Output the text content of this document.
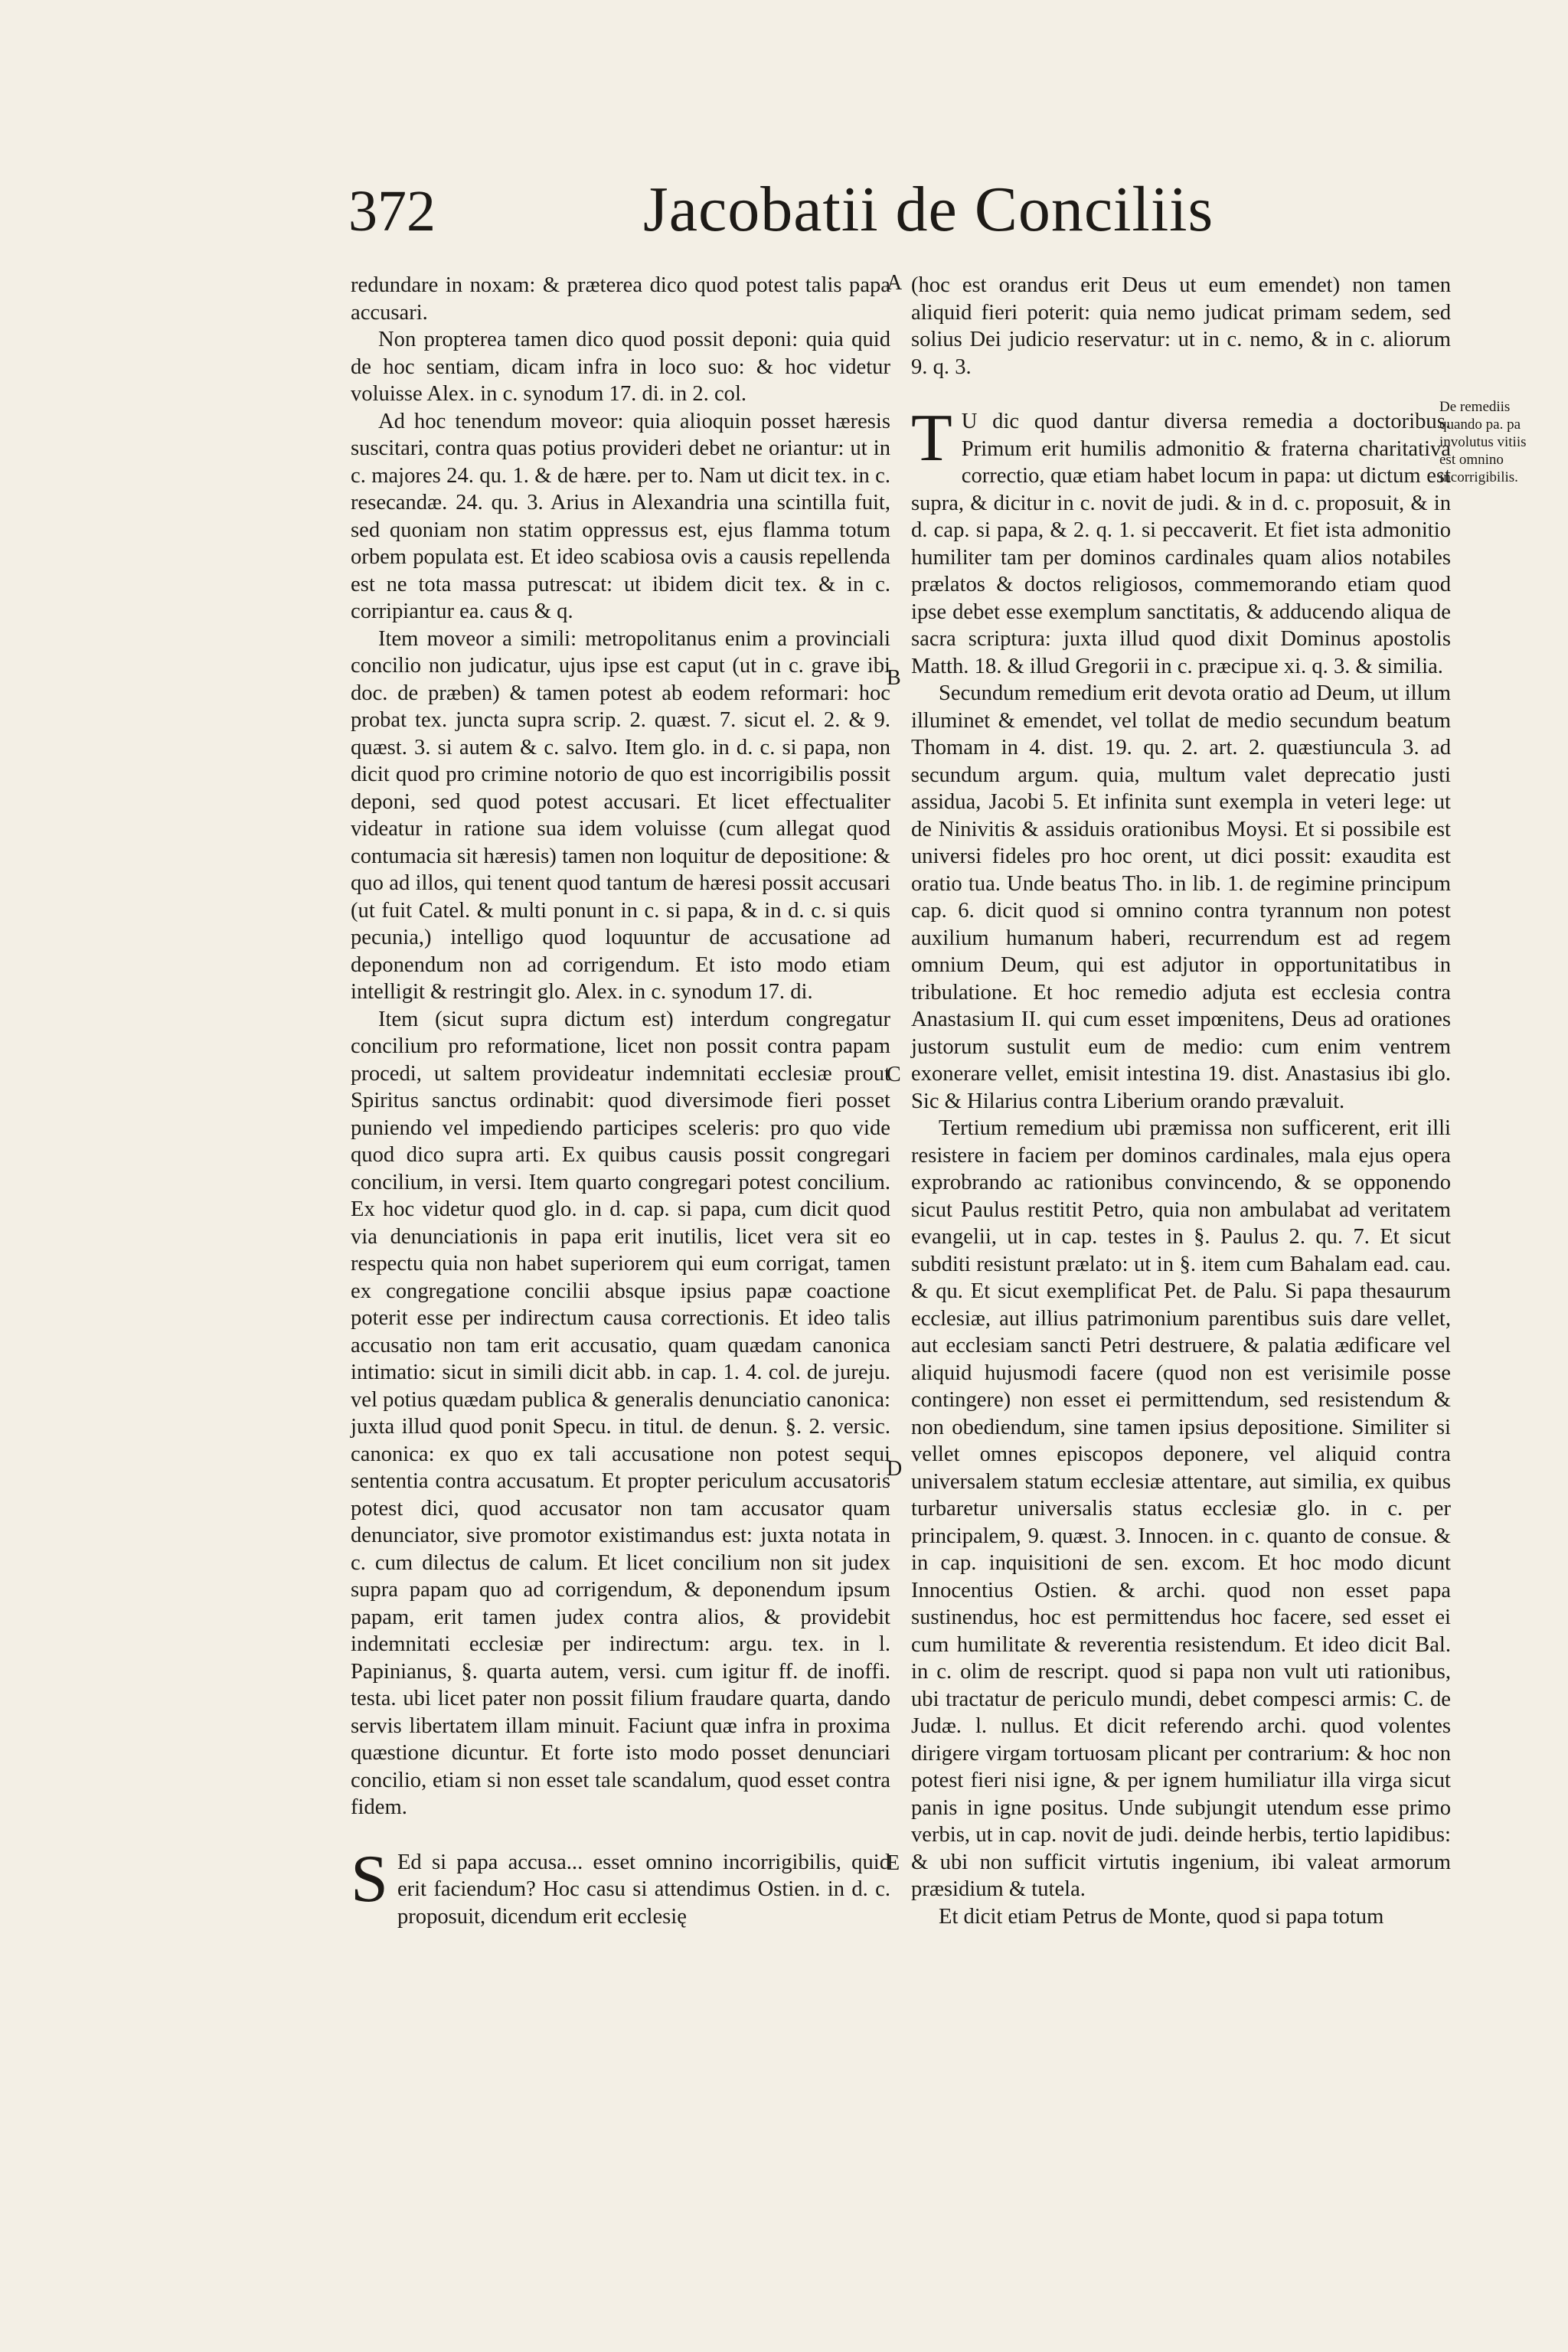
372	Jacobatii de Conciliis

redundare in noxam: & præterea dico quod potest talis papa accusari.

Non propterea tamen dico quod possit deponi: quia quid de hoc sentiam, dicam infra in loco suo: & hoc videtur voluisse Alex. in c. synodum 17. di. in 2. col.

Ad hoc tenendum moveor: quia alioquin posset hæresis suscitari, contra quas potius provideri debet ne oriantur: ut in c. majores 24. qu. 1. & de hære. per to. Nam ut dicit tex. in c. resecandæ. 24. qu. 3. Arius in Alexandria una scintilla fuit, sed quoniam non statim oppressus est, ejus flamma totum orbem populata est. Et ideo scabiosa ovis a causis repellenda est ne tota massa putrescat: ut ibidem dicit tex. & in c. corripiantur ea. caus & q.

Item moveor a simili: metropolitanus enim a provinciali concilio non judicatur, ujus ipse est caput (ut in c. grave ibi doc. de præben) & tamen potest ab eodem reformari: hoc probat tex. juncta supra scrip. 2. quæst. 7. sicut el. 2. & 9. quæst. 3. si autem & c. salvo. Item glo. in d. c. si papa, non dicit quod pro crimine notorio de quo est incorrigibilis possit deponi, sed quod potest accusari. Et licet effectualiter videatur in ratione sua idem voluisse (cum allegat quod contumacia sit hæresis) tamen non loquitur de depositione: & quo ad illos, qui tenent quod tantum de hæresi possit accusari (ut fuit Catel. & multi ponunt in c. si papa, & in d. c. si quis pecunia,) intelligo quod loquuntur de accusatione ad deponendum non ad corrigendum. Et isto modo etiam intelligit & restringit glo. Alex. in c. synodum 17. di.

Item (sicut supra dictum est) interdum congregatur concilium pro reformatione, licet non possit contra papam procedi, ut saltem provideatur indemnitati ecclesiæ prout Spiritus sanctus ordinabit: quod diversimode fieri posset puniendo vel impediendo participes sceleris: pro quo vide quod dico supra arti. Ex quibus causis possit congregari concilium, in versi. Item quarto congregari potest concilium. Ex hoc videtur quod glo. in d. cap. si papa, cum dicit quod via denunciationis in papa erit inutilis, licet vera sit eo respectu quia non habet superiorem qui eum corrigat, tamen ex congregatione concilii absque ipsius papæ coactione poterit esse per indirectum causa correctionis. Et ideo talis accusatio non tam erit accusatio, quam quædam canonica intimatio: sicut in simili dicit abb. in cap. 1. 4. col. de jureju. vel potius quædam publica & generalis denunciatio canonica: juxta illud quod ponit Specu. in titul. de denun. §. 2. versic. canonica: ex quo ex tali accusatione non potest sequi sententia contra accusatum. Et propter periculum accusatoris potest dici, quod accusator non tam accusator quam denunciator, sive promotor existimandus est: juxta notata in c. cum dilectus de calum. Et licet concilium non sit judex supra papam quo ad corrigendum, & deponendum ipsum papam, erit tamen judex contra alios, & providebit indemnitati ecclesiæ per indirectum: argu. tex. in l. Papinianus, §. quarta autem, versi. cum igitur ff. de inoffi. testa. ubi licet pater non possit filium fraudare quarta, dando servis libertatem illam minuit. Faciunt quæ infra in proxima quæstione dicuntur. Et forte isto modo posset denunciari concilio, etiam si non esset tale scandalum, quod esset contra fidem.

S Ed si papa accusa... esset omnino incorrigibilis, quid erit faciendum? Hoc casu si attendimus Ostien. in d. c. proposuit, dicendum erit ecclesię

A
B
C
D
E

(hoc est orandus erit Deus ut eum emendet) non tamen aliquid fieri poterit: quia nemo judicat primam sedem, sed solius Dei judicio reservatur: ut in c. nemo, & in c. aliorum 9. q. 3.

T U dic quod dantur diversa remedia a doctoribus. Primum erit humilis admonitio & fraterna charitativa correctio, quæ etiam habet locum in papa: ut dictum est supra, & dicitur in c. novit de judi. & in d. c. proposuit, & in d. cap. si papa, & 2. q. 1. si peccaverit. Et fiet ista admonitio humiliter tam per dominos cardinales quam alios notabiles prælatos & doctos religiosos, commemorando etiam quod ipse debet esse exemplum sanctitatis, & adducendo aliqua de sacra scriptura: juxta illud quod dixit Dominus apostolis Matth. 18. & illud Gregorii in c. præcipue xi. q. 3. & similia.

Secundum remedium erit devota oratio ad Deum, ut illum illuminet & emendet, vel tollat de medio secundum beatum Thomam in 4. dist. 19. qu. 2. art. 2. quæstiuncula 3. ad secundum argum. quia, multum valet deprecatio justi assidua, Jacobi 5. Et infinita sunt exempla in veteri lege: ut de Ninivitis & assiduis orationibus Moysi. Et si possibile est universi fideles pro hoc orent, ut dici possit: exaudita est oratio tua. Unde beatus Tho. in lib. 1. de regimine principum cap. 6. dicit quod si omnino contra tyrannum non potest auxilium humanum haberi, recurrendum est ad regem omnium Deum, qui est adjutor in opportunitatibus in tribulatione. Et hoc remedio adjuta est ecclesia contra Anastasium II. qui cum esset impœnitens, Deus ad orationes justorum sustulit eum de medio: cum enim ventrem exonerare vellet, emisit intestina 19. dist. Anastasius ibi glo. Sic & Hilarius contra Liberium orando prævaluit.

Tertium remedium ubi præmissa non sufficerent, erit illi resistere in faciem per dominos cardinales, mala ejus opera exprobrando ac rationibus convincendo, & se opponendo sicut Paulus restitit Petro, quia non ambulabat ad veritatem evangelii, ut in cap. testes in §. Paulus 2. qu. 7. Et sicut subditi resistunt prælato: ut in §. item cum Bahalam ead. cau. & qu. Et sicut exemplificat Pet. de Palu. Si papa thesaurum ecclesiæ, aut illius patrimonium parentibus suis dare vellet, aut ecclesiam sancti Petri destruere, & palatia ædificare vel aliquid hujusmodi facere (quod non est verisimile posse contingere) non esset ei permittendum, sed resistendum & non obediendum, sine tamen ipsius depositione. Similiter si vellet omnes episcopos deponere, vel aliquid contra universalem statum ecclesiæ attentare, aut similia, ex quibus turbaretur universalis status ecclesiæ glo. in c. per principalem, 9. quæst. 3. Innocen. in c. quanto de consue. & in cap. inquisitioni de sen. excom. Et hoc modo dicunt Innocentius Ostien. & archi. quod non esset papa sustinendus, hoc est permittendus hoc facere, sed esset ei cum humilitate & reverentia resistendum. Et ideo dicit Bal. in c. olim de rescript. quod si papa non vult uti rationibus, ubi tractatur de periculo mundi, debet compesci armis: C. de Judæ. l. nullus. Et dicit referendo archi. quod volentes dirigere virgam tortuosam plicant per contrarium: & hoc non potest fieri nisi igne, & per ignem humiliatur illa virga sicut panis in igne positus. Unde subjungit utendum esse primo verbis, ut in cap. novit de judi. deinde herbis, tertio lapidibus: & ubi non sufficit virtutis ingenium, ibi valeat armorum præsidium & tutela.

Et dicit etiam Petrus de Monte, quod si papa totum

De remediis quando pa. pa involutus vitiis est omnino incorrigibilis.
